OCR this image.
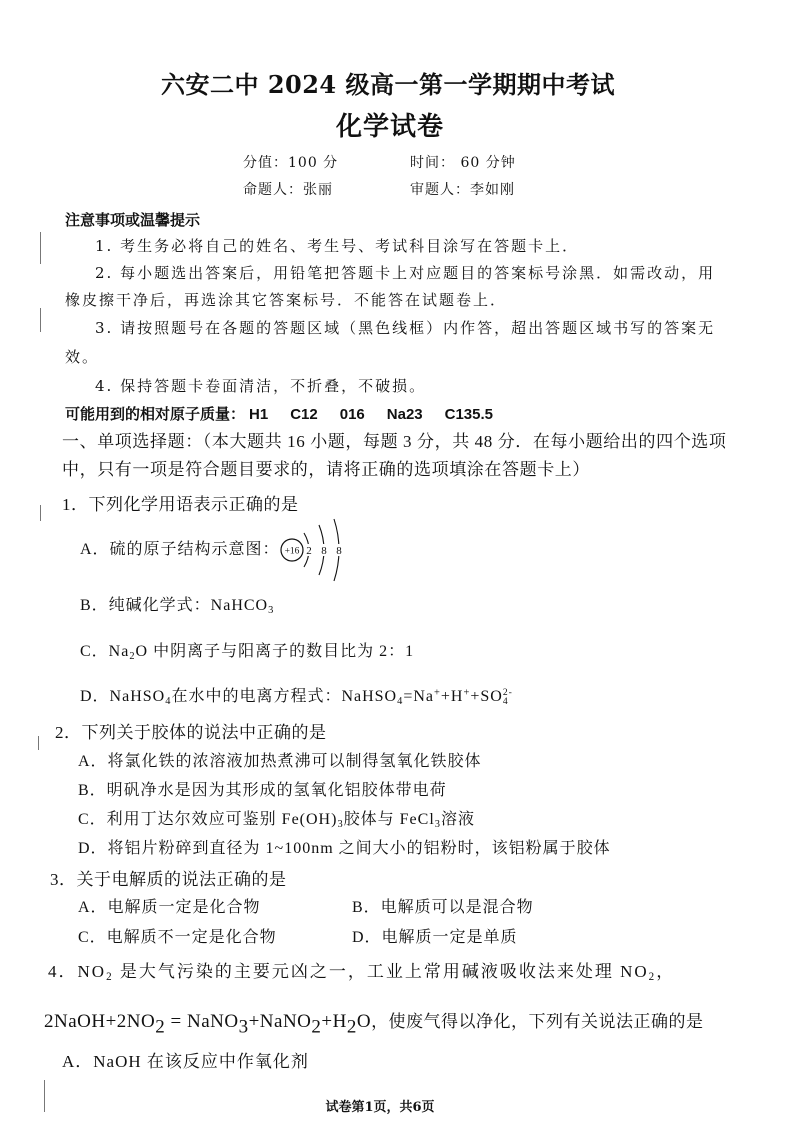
六安二中 2024 级高一第一学期期中考试
化学试卷
分值：100 分	时间： 60 分钟
命题人：张丽	审题人：李如刚
注意事项或温馨提示
1. 考生务必将自己的姓名、考生号、考试科目涂写在答题卡上．
2. 每小题选出答案后，用铅笔把答题卡上对应题目的答案标号涂黑．如需改动，用
橡皮擦干净后，再选涂其它答案标号．不能答在试题卷上．
3. 请按照题号在各题的答题区域（黑色线框）内作答，超出答题区域书写的答案无
效。
4. 保持答题卡卷面清洁，不折叠，不破损。
可能用到的相对原子质量： H1 C12 016 Na23 C135.5
一、单项选择题：（本大题共 16 小题，每题 3 分，共 48 分．在每小题给出的四个选项
中，只有一项是符合题目要求的，请将正确的选项填涂在答题卡上）
1．下列化学用语表示正确的是
A．硫的原子结构示意图： +16 2 8 8
B．纯碱化学式：NaHCO$_3$
C．$Na_2O$ 中阴离子与阳离子的数目比为 2：1
D．NaHSO$_4$在水中的电离方程式：NaHSO$_4$=Na++H++SO 2-
4
2．下列关于胶体的说法中正确的是
A．将氯化铁的浓溶液加热煮沸可以制得氢氧化铁胶体
B．明矾净水是因为其形成的氢氧化铝胶体带电荷
C．利用丁达尔效应可鉴别 $Fe(OH)_3$胶体与 FeCl$_3$溶液
D．将铝片粉碎到直径为 1~100nm 之间大小的铝粉时，该铝粉属于胶体
3．关于电解质的说法正确的是
A．电解质一定是化合物	B．电解质可以是混合物
C．电解质不一定是化合物	D．电解质一定是单质
4．$NO_2$ 是大气污染的主要元凶之一，工业上常用碱液吸收法来处理 $NO_2$，
$2NaOH+2NO_2$ = $NaNO_3+NaNO_2+H_2O$，使废气得以净化，下列有关说法正确的是
A．NaOH 在该反应中作氧化剂
试卷第1页，共6页
